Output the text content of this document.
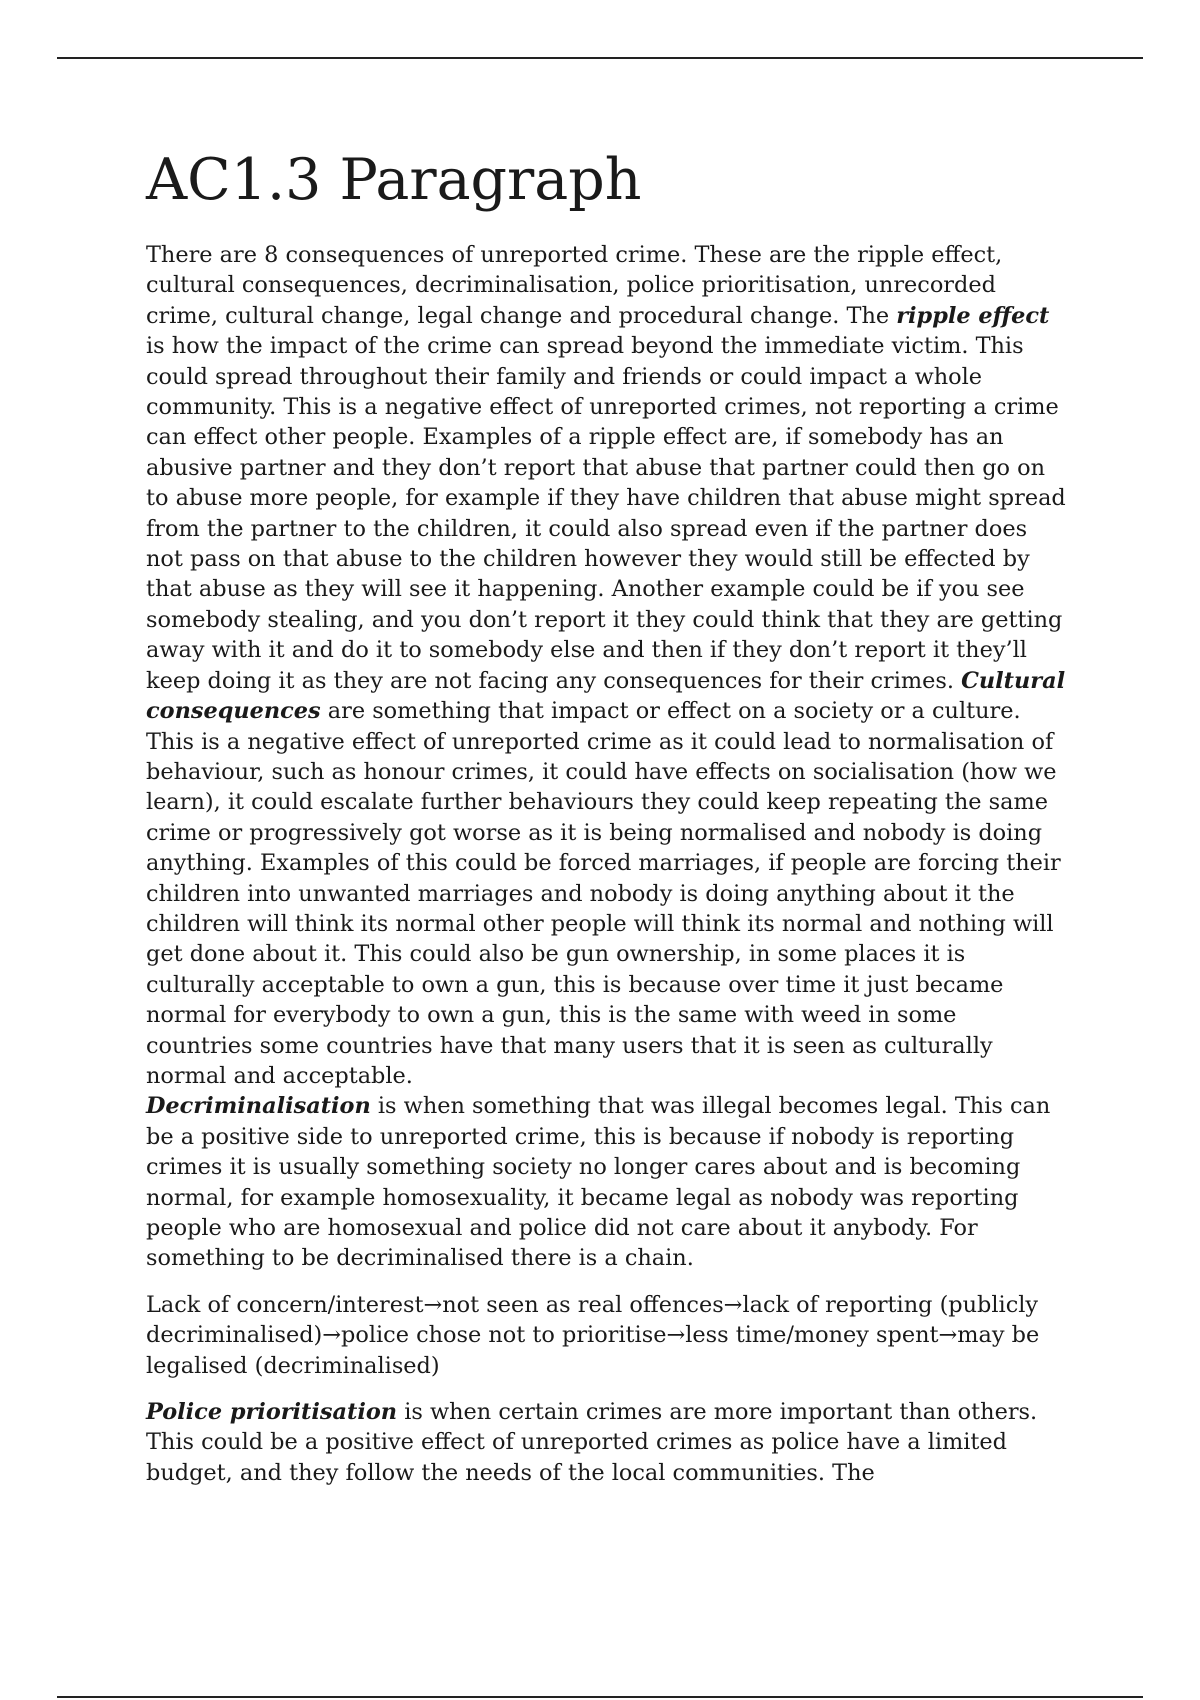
AC1.3 Paragraph

There are 8 consequences of unreported crime. These are the ripple effect, cultural consequences, decriminalisation, police prioritisation, unrecorded crime, cultural change, legal change and procedural change. The ripple effect is how the impact of the crime can spread beyond the immediate victim. This could spread throughout their family and friends or could impact a whole community. This is a negative effect of unreported crimes, not reporting a crime can effect other people. Examples of a ripple effect are, if somebody has an abusive partner and they don’t report that abuse that partner could then go on to abuse more people, for example if they have children that abuse might spread from the partner to the children, it could also spread even if the partner does not pass on that abuse to the children however they would still be effected by that abuse as they will see it happening. Another example could be if you see somebody stealing, and you don’t report it they could think that they are getting away with it and do it to somebody else and then if they don’t report it they’ll keep doing it as they are not facing any consequences for their crimes. Cultural consequences are something that impact or effect on a society or a culture. This is a negative effect of unreported crime as it could lead to normalisation of behaviour, such as honour crimes, it could have effects on socialisation (how we learn), it could escalate further behaviours they could keep repeating the same crime or progressively got worse as it is being normalised and nobody is doing anything. Examples of this could be forced marriages, if people are forcing their children into unwanted marriages and nobody is doing anything about it the children will think its normal other people will think its normal and nothing will get done about it. This could also be gun ownership, in some places it is culturally acceptable to own a gun, this is because over time it just became normal for everybody to own a gun, this is the same with weed in some countries some countries have that many users that it is seen as culturally normal and acceptable.
Decriminalisation is when something that was illegal becomes legal. This can be a positive side to unreported crime, this is because if nobody is reporting crimes it is usually something society no longer cares about and is becoming normal, for example homosexuality, it became legal as nobody was reporting people who are homosexual and police did not care about it anybody. For something to be decriminalised there is a chain.

Lack of concern/interest→not seen as real offences→lack of reporting (publicly decriminalised)→police chose not to prioritise→less time/money spent→may be legalised (decriminalised)

Police prioritisation is when certain crimes are more important than others. This could be a positive effect of unreported crimes as police have a limited budget, and they follow the needs of the local communities. The
